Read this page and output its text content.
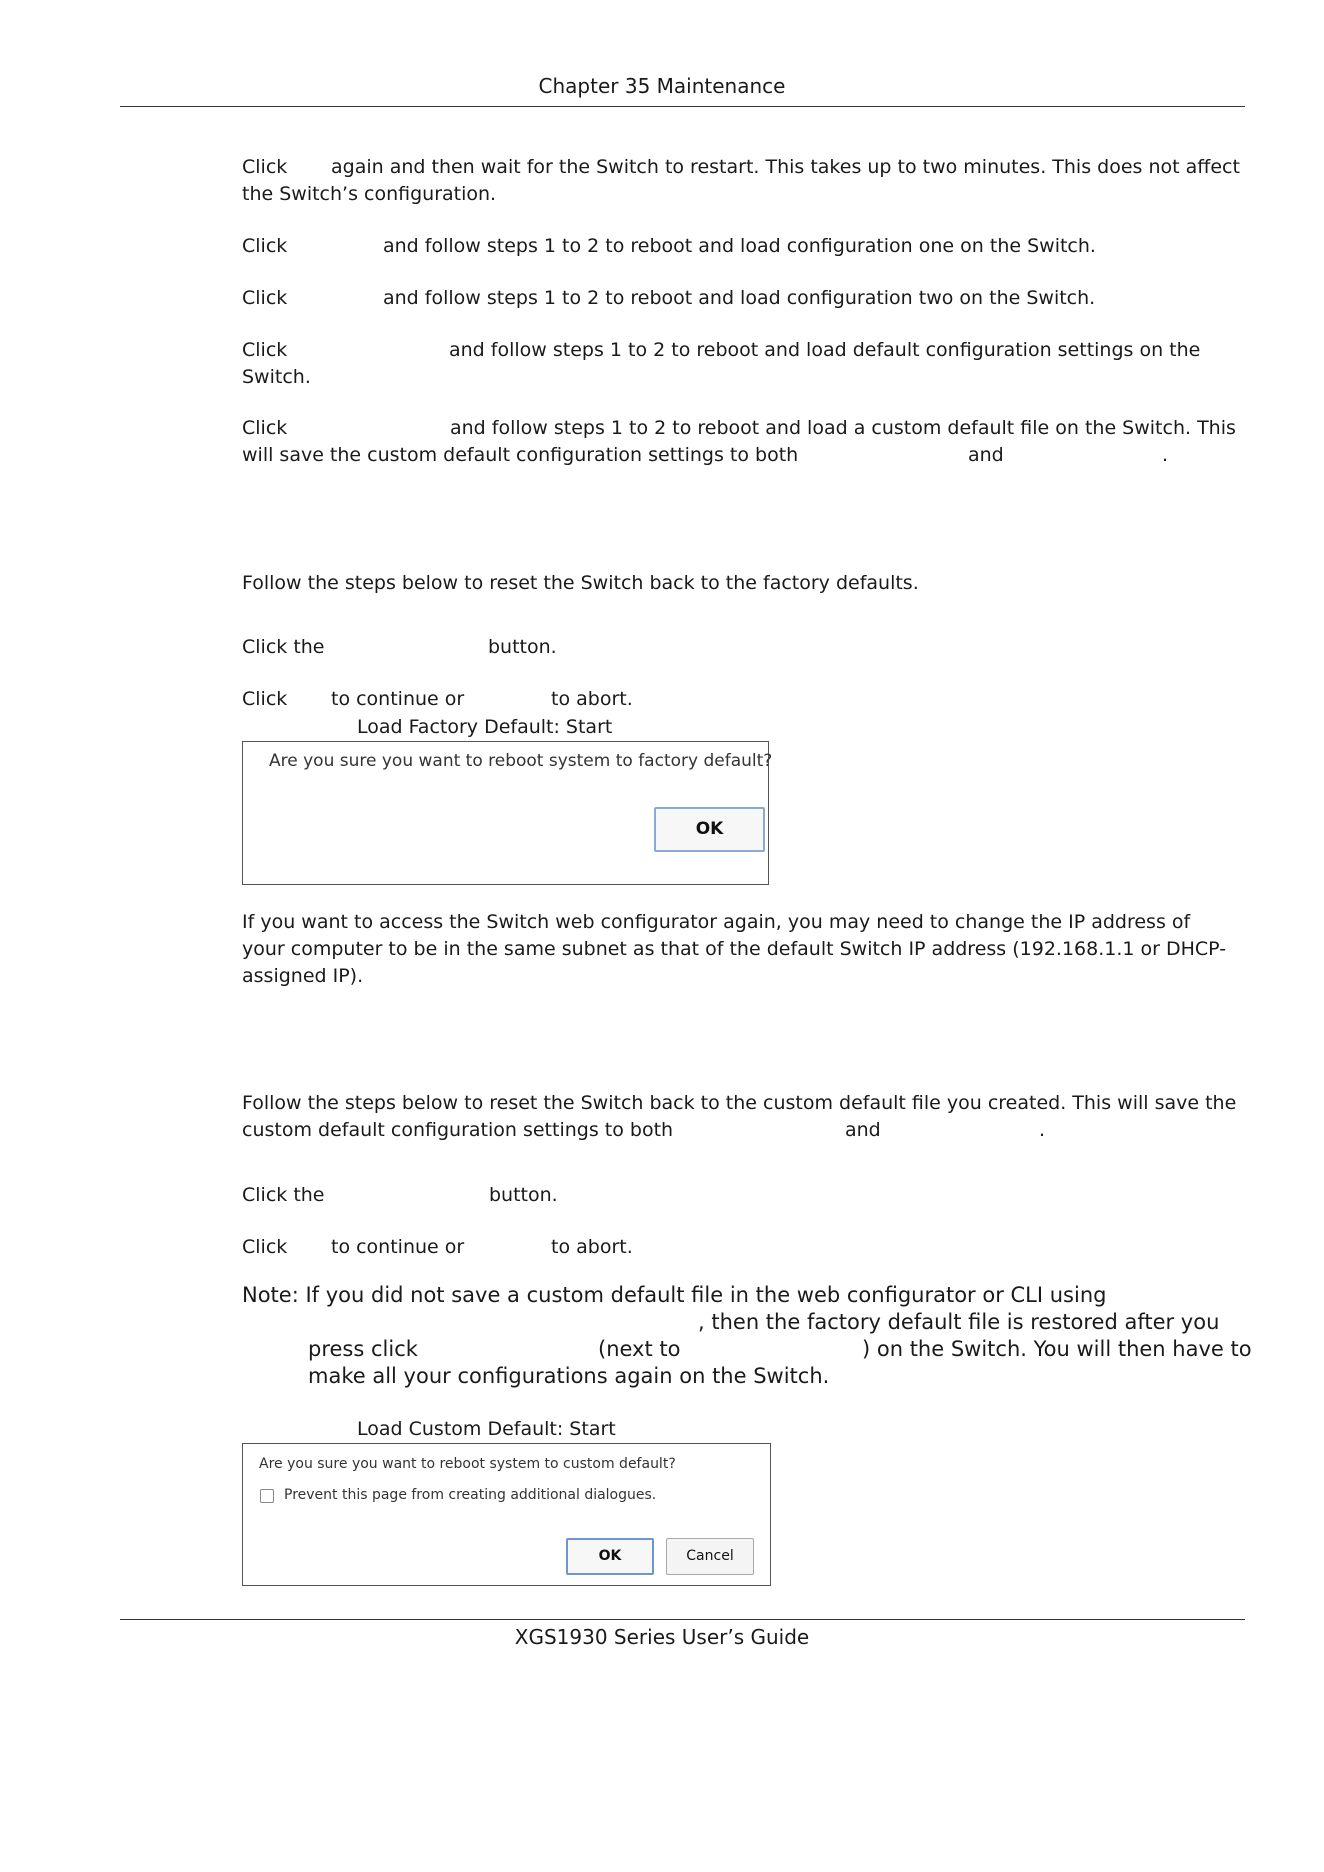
Chapter 35 Maintenance
Click again and then wait for the Switch to restart. This takes up to two minutes. This does not affect
the Switch’s configuration.
Click	and follow steps 1 to 2 to reboot and load configuration one on the Switch.
Click	and follow steps 1 to 2 to reboot and load configuration two on the Switch.
Click	and follow steps 1 to 2 to reboot and load default configuration settings on the
Switch.
Click	and follow steps 1 to 2 to reboot and load a custom default file on the Switch. This
will save the custom default configuration settings to both	and	.
Follow the steps below to reset the Switch back to the factory defaults.
Click the	button.
Click to continue or	to abort.
Load Factory Default: Start
Are you sure you want to reboot system to factory default?
OK
If you want to access the Switch web configurator again, you may need to change the IP address of
your computer to be in the same subnet as that of the default Switch IP address (192.168.1.1 or DHCP-
assigned IP).
Follow the steps below to reset the Switch back to the custom default file you created. This will save the
custom default configuration settings to both	and	.
Click the	button.
Click to continue or	to abort.
Note: If you did not save a custom default file in the web configurator or CLI using
, then the factory default file is restored after you
press click	(next to	) on the Switch. You will then have to
make all your configurations again on the Switch.
Load Custom Default: Start
Are you sure you want to reboot system to custom default?
Prevent this page from creating additional dialogues.
OK	Cancel
XGS1930 Series User’s Guide
